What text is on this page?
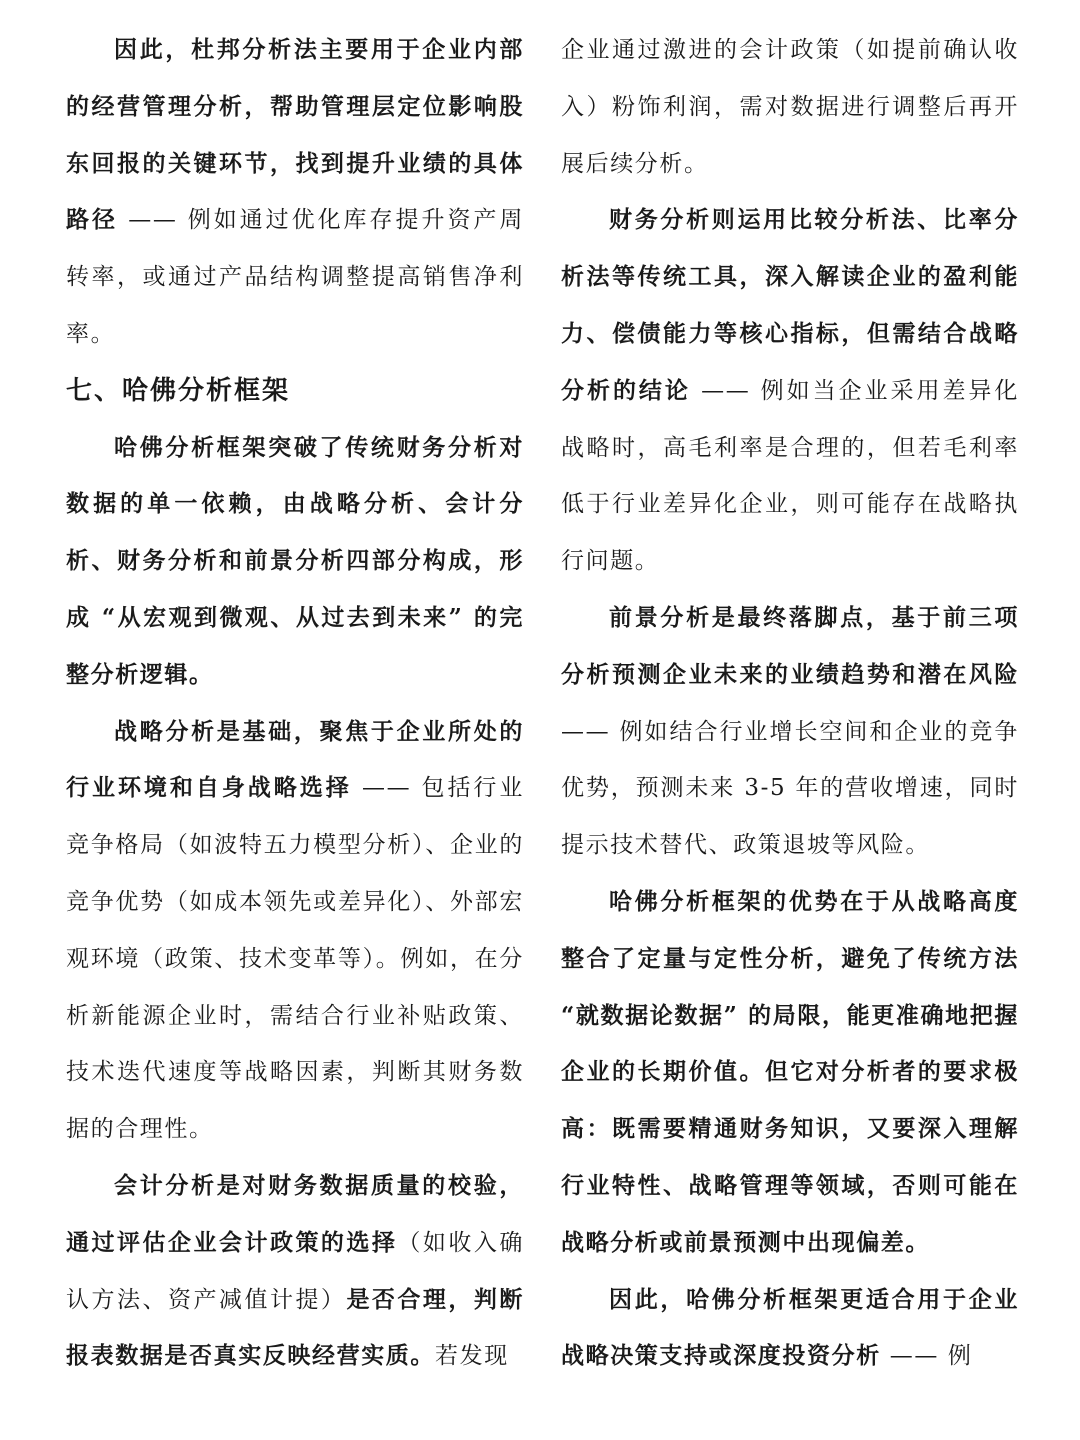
因此，杜邦分析法主要用于企业内部的经营管理分析，帮助管理层定位影响股东回报的关键环节，找到提升业绩的具体路径 —— 例如通过优化库存提升资产周转率，或通过产品结构调整提高销售净利率。

七、哈佛分析框架

哈佛分析框架突破了传统财务分析对数据的单一依赖，由战略分析、会计分析、财务分析和前景分析四部分构成，形成 “从宏观到微观、从过去到未来” 的完整分析逻辑。

战略分析是基础，聚焦于企业所处的行业环境和自身战略选择 —— 包括行业竞争格局（如波特五力模型分析）、企业的竞争优势（如成本领先或差异化）、外部宏观环境（政策、技术变革等）。例如，在分析新能源企业时，需结合行业补贴政策、技术迭代速度等战略因素，判断其财务数据的合理性。

会计分析是对财务数据质量的校验，通过评估企业会计政策的选择（如收入确认方法、资产减值计提）是否合理，判断报表数据是否真实反映经营实质。若发现

企业通过激进的会计政策（如提前确认收入）粉饰利润，需对数据进行调整后再开展后续分析。

财务分析则运用比较分析法、比率分析法等传统工具，深入解读企业的盈利能力、偿债能力等核心指标，但需结合战略分析的结论 —— 例如当企业采用差异化战略时，高毛利率是合理的，但若毛利率低于行业差异化企业，则可能存在战略执行问题。

前景分析是最终落脚点，基于前三项分析预测企业未来的业绩趋势和潜在风险 —— 例如结合行业增长空间和企业的竞争优势，预测未来 3-5 年的营收增速，同时提示技术替代、政策退坡等风险。

哈佛分析框架的优势在于从战略高度整合了定量与定性分析，避免了传统方法 “就数据论数据” 的局限，能更准确地把握企业的长期价值。但它对分析者的要求极高：既需要精通财务知识，又要深入理解行业特性、战略管理等领域，否则可能在战略分析或前景预测中出现偏差。

因此，哈佛分析框架更适合用于企业战略决策支持或深度投资分析 —— 例
